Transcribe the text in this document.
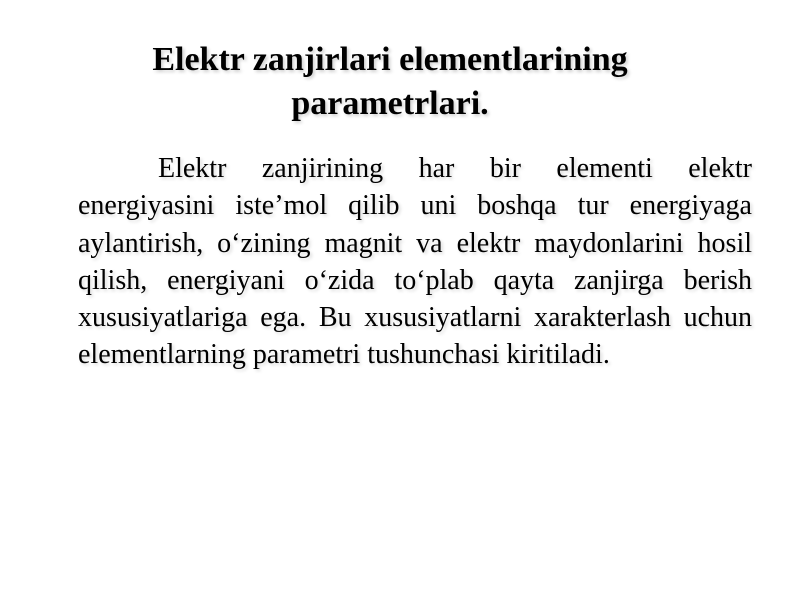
Elektr zanjirlari elementlarining
parametrlari.

Elektr zanjirining har bir elementi elektr energiyasini iste’mol qilib uni boshqa tur energiyaga aylantirish, o‘zining magnit va elektr maydonlarini hosil qilish, energiyani o‘zida to‘plab qayta zanjirga berish xususiyatlariga ega. Bu xususiyatlarni xarakterlash uchun elementlarning parametri tushunchasi kiritiladi.
